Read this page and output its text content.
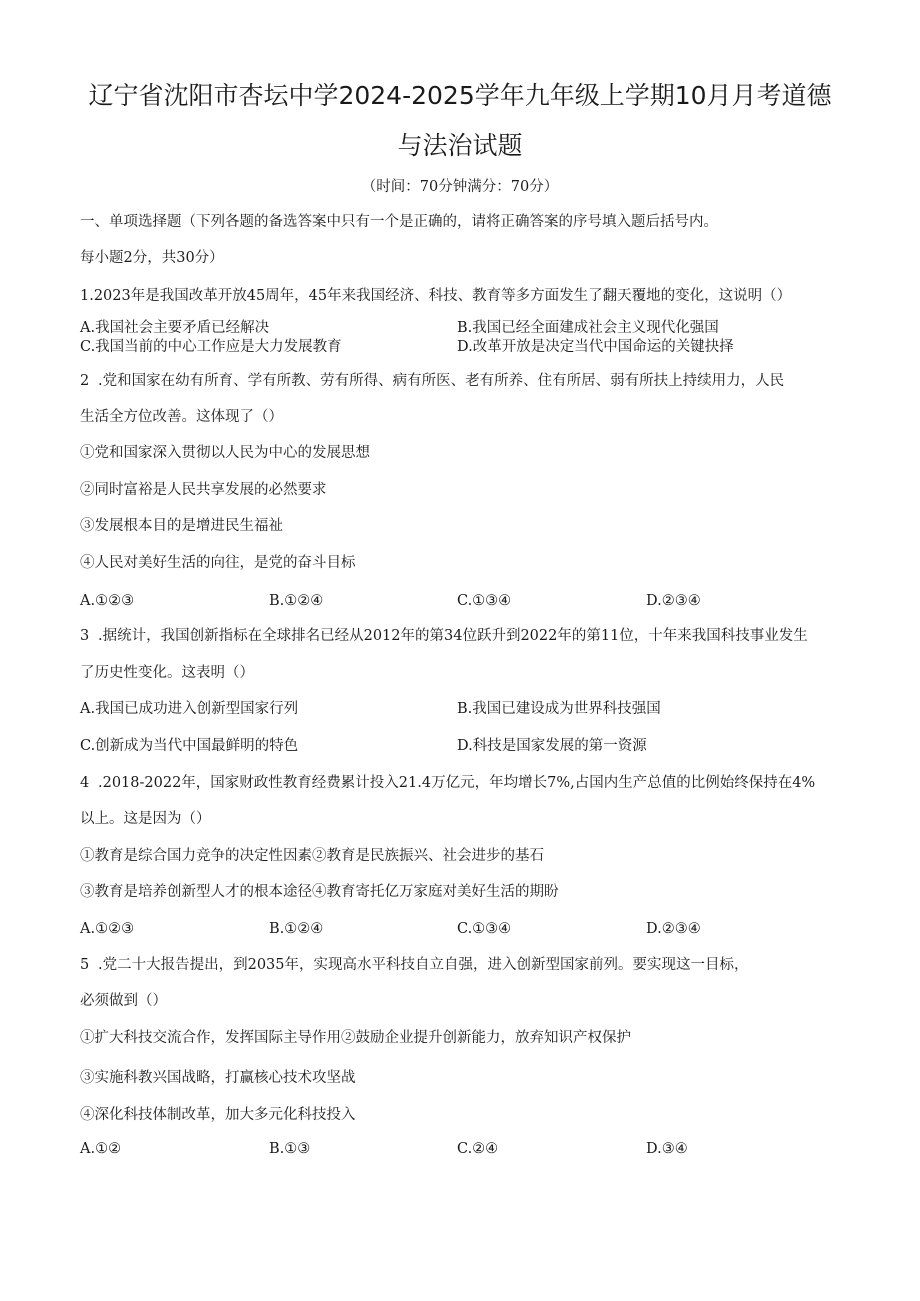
辽宁省沈阳市杏坛中学2024-2025学年九年级上学期10月月考道德
与法治试题
（时间：70分钟满分：70分）
一、单项选择题（下列各题的备选答案中只有一个是正确的，请将正确答案的序号填入题后括号内。
每小题2分，共30分）
1.2023年是我国改革开放45周年，45年来我国经济、科技、教育等多方面发生了翻天覆地的变化，这说明（）
A.我国社会主要矛盾已经解决	B.我国已经全面建成社会主义现代化强国
C.我国当前的中心工作应是大力发展教育	D.改革开放是决定当代中国命运的关键抉择
2 .党和国家在幼有所育、学有所教、劳有所得、病有所医、老有所养、住有所居、弱有所扶上持续用力，人民
生活全方位改善。这体现了（）
①党和国家深入贯彻以人民为中心的发展思想
②同时富裕是人民共享发展的必然要求
③发展根本目的是增进民生福祉
④人民对美好生活的向往，是党的奋斗目标
A.①②③	B.①②④	C.①③④	D.②③④
3 .据统计，我国创新指标在全球排名已经从2012年的第34位跃升到2022年的第11位，十年来我国科技事业发生
了历史性变化。这表明（）
A.我国已成功进入创新型国家行列	B.我国已建设成为世界科技强国
C.创新成为当代中国最鲜明的特色	D.科技是国家发展的第一资源
4 .2018-2022年，国家财政性教育经费累计投入21.4万亿元，年均增长7%,占国内生产总值的比例始终保持在4%
以上。这是因为（）
①教育是综合国力竞争的决定性因素②教育是民族振兴、社会进步的基石
③教育是培养创新型人才的根本途径④教育寄托亿万家庭对美好生活的期盼
A.①②③	B.①②④	C.①③④	D.②③④
5 .党二十大报告提出，到2035年，实现高水平科技自立自强，进入创新型国家前列。要实现这一目标，
必须做到（）
①扩大科技交流合作，发挥国际主导作用②鼓励企业提升创新能力，放弃知识产权保护
③实施科教兴国战略，打赢核心技术攻坚战
④深化科技体制改革，加大多元化科技投入
A.①②	B.①③	C.②④	D.③④
